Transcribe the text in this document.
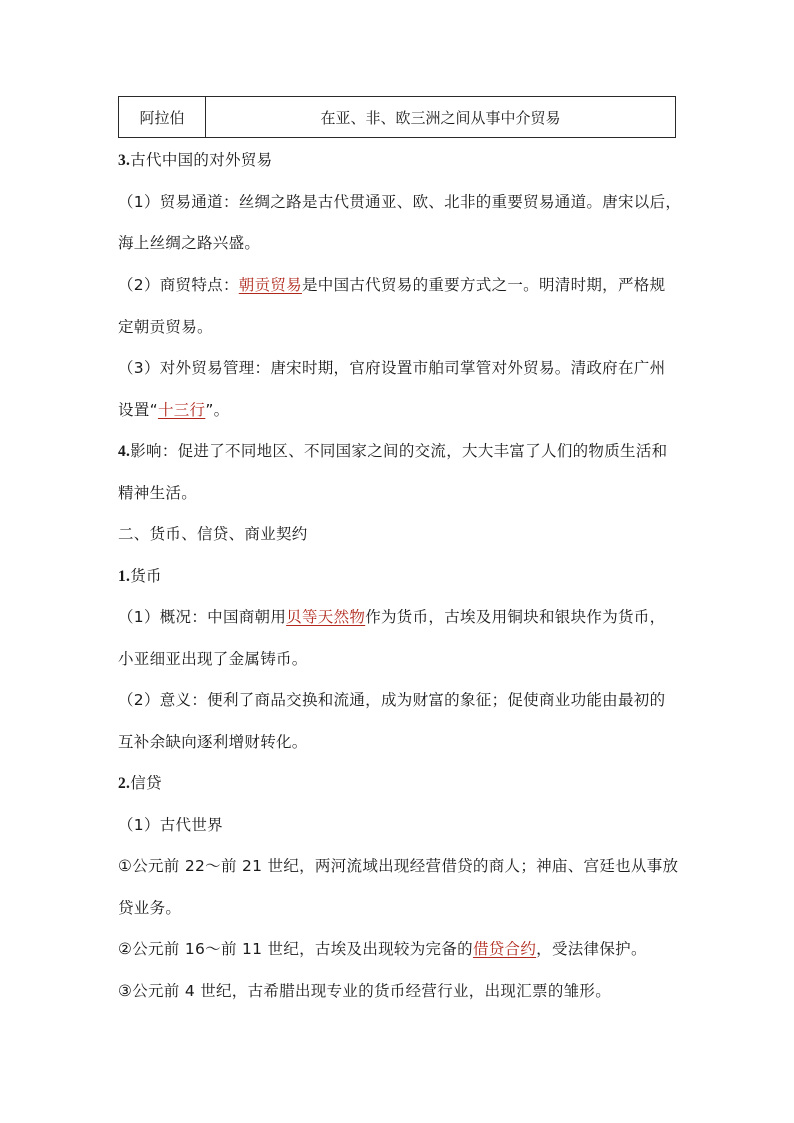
阿拉伯	在亚、非、欧三洲之间从事中介贸易
3.古代中国的对外贸易
（1）贸易通道：丝绸之路是古代贯通亚、欧、北非的重要贸易通道。唐宋以后，
海上丝绸之路兴盛。
（2）商贸特点：朝贡贸易是中国古代贸易的重要方式之一。明清时期，严格规
定朝贡贸易。
（3）对外贸易管理：唐宋时期，官府设置市舶司掌管对外贸易。清政府在广州
设置“十三行”。
4.影响：促进了不同地区、不同国家之间的交流，大大丰富了人们的物质生活和
精神生活。
二、货币、信贷、商业契约
1.货币
（1）概况：中国商朝用贝等天然物作为货币，古埃及用铜块和银块作为货币，
小亚细亚出现了金属铸币。
（2）意义：便利了商品交换和流通，成为财富的象征；促使商业功能由最初的
互补余缺向逐利增财转化。
2.信贷
（1）古代世界
①公元前 22～前 21 世纪，两河流域出现经营借贷的商人；神庙、宫廷也从事放
贷业务。
②公元前 16～前 11 世纪，古埃及出现较为完备的借贷合约，受法律保护。
③公元前 4 世纪，古希腊出现专业的货币经营行业，出现汇票的雏形。
